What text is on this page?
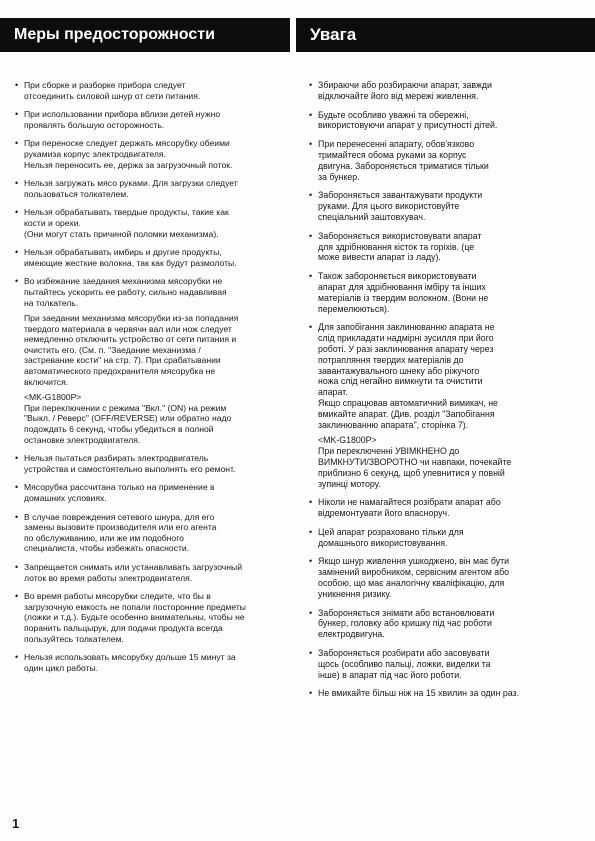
Меры предосторожности	Увага
• При сборке и разборке прибора следует
отсоединить силовой шнур от сети питания.
• При использовании прибора вблизи детей нужно
проявлять большую осторожность.
• При переноске следует держать мясорубку обеими
рукамиза корпус электродвигателя.
Нельзя переносить ее, держа за загрузочный поток.
• Нельзя загружать мясо руками. Для загрузки следует
пользоваться толкателем.
• Нельзя обрабатывать твердые продукты, такие как
кости и орехи.
(Они могут стать причиной поломки механизма).
• Нельзя обрабатывать имбирь и другие продукты,
имеющие жесткие волокна, так как будут размолоты.
• Во избежание заедания механизма мясорубки не
пытайтесь ускорить ее работу, сильно надавливая
на толкатель.
При заедании механизма мясорубки из-за попадания
твердого материала в червячн вал или нож следует
немедленно отключить устройство от сети питания и
очистить его. (См. п. "Заедание механизма /
застревание кости" на стр. 7). При срабатывании
автоматического предохранителя мясорубка не
включится.
<MK-G1800P>
При переключении с режима "Вкл." (ON) на режим
"Выкл. / Реверс" (OFF/REVERSE) или обратно надо
подождать 6 секунд, чтобы убедиться в полной
остановке электродвигателя.
• Нельзя пытаться разбирать электродвигатель
устройства и самостоятельно выполнять его ремонт.
• Мясорубка рассчитана только на применение в
домашних условиях.
• В случае повреждения сетевого шнура, для его
замены вызовите производителя или его агента
по обслуживанию, или же им подобного
специалиста, чтобы избежать опасности.
• Запрещается снимать или устанавливать загрузочный
лоток во время работы электродвигателя.
• Во время работы мясорубки следите, что бы в
загрузочную емкость не попали посторонние предметы
(ложки и т.д.). Будьте особенно внимательны, чтобы не
поранить пальцырук, для подачи продукта всегда
пользуйтесь толкателем.
• Нельзя использовать мясорубку дольше 15 минут за
один цикл работы.
• Збираючи або розбираючи апарат, завжди
відключайте його від мережі живлення.
• Будьте особливо уважні та обережні,
використовуючи апарат у присутності дітей.
• При перенесенні апарату, обов'язково
тримайтеся обома руками за корпус
двигуна. Забороняється триматися тільки
за бункер.
• Забороняється завантажувати продукти
руками. Для цього використовуйте
спеціальний заштовхувач.
• Забороняється використовувати апарат
для здрібнювання кісток та горіхів. (це
може вивести апарат із ладу).
• Також забороняється використовувати
апарат для здрібнювання імбіру та інших
матеріалів із твердим волокном. (Вони не
перемелюються).
• Для запобігання заклинюванню апарата не
слід прикладати надмірні зусилля при його
роботі. У разі заклинювання апарату через
потрапляння твердих матеріалів до
завантажувального шнеку або ріжучого
ножа слід негайно вимкнути та очистити
апарат.
Якщо спрацював автоматичний вимикач, не
вмикайте апарат. (Див. розділ "Запобігання
заклинюванню апарата", сторінка 7).
<MK-G1800P>
При переключенні УВІМКНЕНО до
ВИМКНУТИ/ЗВОРОТНО чи навпаки, почекайте
приблизно 6 секунд, щоб упевнитися у повній
зупинці мотору.
• Ніколи не намагайтеся розібрати апарат або
відремонтувати його власноруч.
• Цей апарат розраховано тільки для
домашнього використовування.
• Якщо шнур живлення ушкоджено, він має бути
замінений виробником, сервісним агентом або
особою, що має аналогічну кваліфікацію, для
уникнення ризику.
• Забороняється знімати або встановлювати
бункер, головку або кришку під час роботи
електродвигуна.
• Забороняється розбирати або засовувати
щось (особливо пальці, ложки, виделки та
інше) в апарат під час його роботи.
• Не вмикайте більш ніж на 15 хвилин за один раз.
1
